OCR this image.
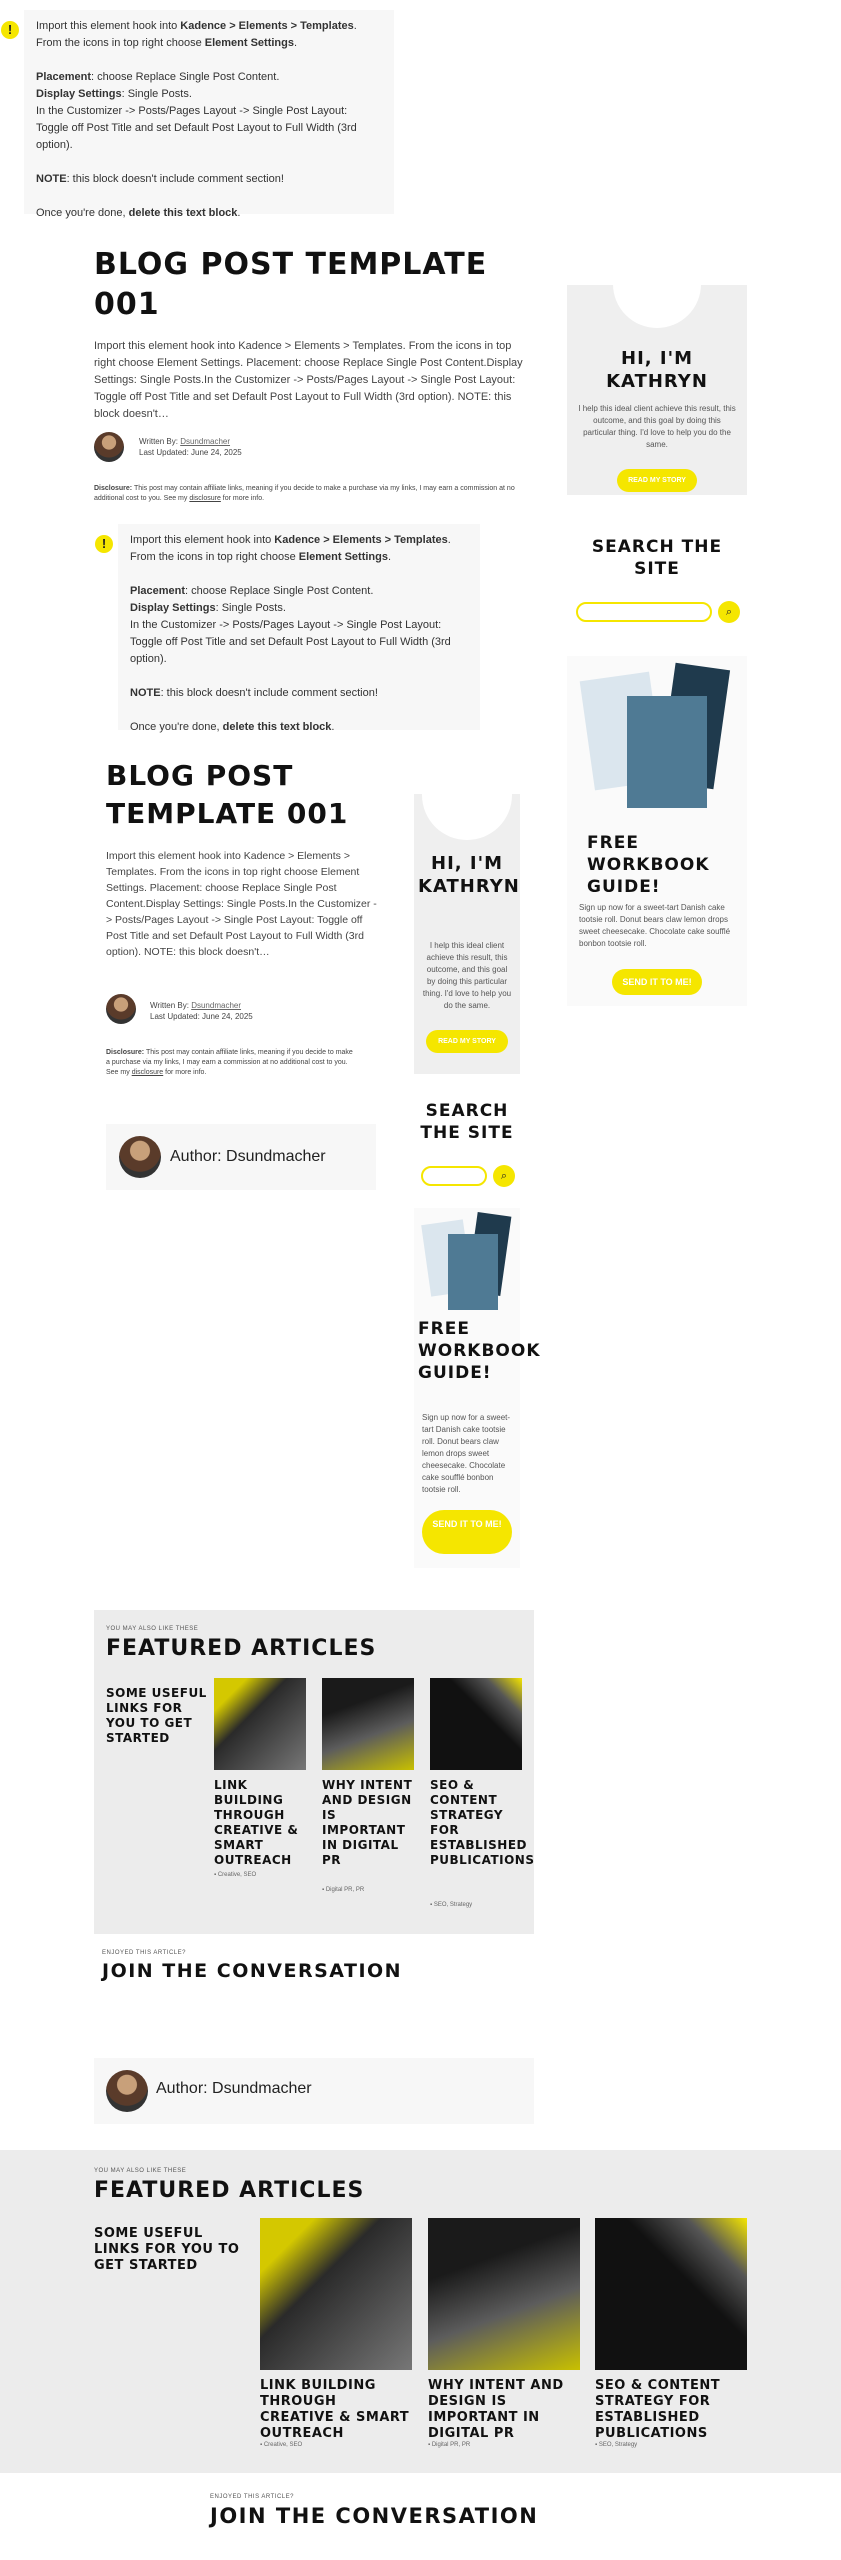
!	Import this element hook into Kadence > Elements > Templates.

From the icons in top right choose Element Settings.

Placement: choose Replace Single Post Content.

Display Settings: Single Posts.

In the Customizer -> Posts/Pages Layout -> Single Post Layout: Toggle off Post Title and set Default Post Layout to Full Width (3rd option).

NOTE: this block doesn't include comment section!

Once you're done, delete this text block.

BLOG POST TEMPLATE 001

Import this element hook into Kadence > Elements > Templates. From the icons in top right choose Element Settings. Placement: choose Replace Single Post Content.Display Settings: Single Posts.In the Customizer -> Posts/Pages Layout -> Single Post Layout: Toggle off Post Title and set Default Post Layout to Full Width (3rd option). NOTE: this block doesn't…

Written By: Dsundmacher
Last Updated: June 24, 2025
Disclosure: This post may contain affiliate links, meaning if you decide to make a purchase via my links, I may earn a commission at no additional cost to you. See my disclosure for more info.
HI, I'M KATHRYN
I help this ideal client achieve this result, this outcome, and this goal by doing this particular thing. I'd love to help you do the same.
READ MY STORY
SEARCH THE SITE
⌕
FREE WORKBOOK GUIDE!
Sign up now for a sweet-tart Danish cake tootsie roll. Donut bears claw lemon drops sweet cheesecake. Chocolate cake soufflé bonbon tootsie roll.
SEND IT TO ME!
!	Import this element hook into Kadence > Elements > Templates.

From the icons in top right choose Element Settings.

Placement: choose Replace Single Post Content.

Display Settings: Single Posts.

In the Customizer -> Posts/Pages Layout -> Single Post Layout: Toggle off Post Title and set Default Post Layout to Full Width (3rd option).

NOTE: this block doesn't include comment section!

Once you're done, delete this text block.

BLOG POST TEMPLATE 001

Import this element hook into Kadence > Elements > Templates. From the icons in top right choose Element Settings. Placement: choose Replace Single Post Content.Display Settings: Single Posts.In the Customizer -> Posts/Pages Layout -> Single Post Layout: Toggle off Post Title and set Default Post Layout to Full Width (3rd option). NOTE: this block doesn't…

Written By: Dsundmacher
Last Updated: June 24, 2025
Disclosure: This post may contain affiliate links, meaning if you decide to make a purchase via my links, I may earn a commission at no additional cost to you. See my disclosure for more info.
Author: Dsundmacher
HI, I'M KATHRYN
I help this ideal client achieve this result, this outcome, and this goal by doing this particular thing. I'd love to help you do the same.
READ MY STORY
SEARCH THE SITE
⌕
FREE WORKBOOK GUIDE!
Sign up now for a sweet-tart Danish cake tootsie roll. Donut bears claw lemon drops sweet cheesecake. Chocolate cake soufflé bonbon tootsie roll.
SEND IT TO ME!
YOU MAY ALSO LIKE THESE
FEATURED ARTICLES
SOME USEFUL LINKS FOR YOU TO GET STARTED
LINK BUILDING THROUGH CREATIVE & SMART OUTREACH
▪ Creative, SEO
WHY INTENT AND DESIGN IS IMPORTANT IN DIGITAL PR
▪ Digital PR, PR
SEO & CONTENT STRATEGY FOR ESTABLISHED PUBLICATIONS
▪ SEO, Strategy
ENJOYED THIS ARTICLE?
JOIN THE CONVERSATION
Author: Dsundmacher
YOU MAY ALSO LIKE THESE
FEATURED ARTICLES
SOME USEFUL LINKS FOR YOU TO GET STARTED
LINK BUILDING THROUGH CREATIVE & SMART OUTREACH
▪ Creative, SEO
WHY INTENT AND DESIGN IS IMPORTANT IN DIGITAL PR
▪ Digital PR, PR
SEO & CONTENT STRATEGY FOR ESTABLISHED PUBLICATIONS
▪ SEO, Strategy
ENJOYED THIS ARTICLE?
JOIN THE CONVERSATION
